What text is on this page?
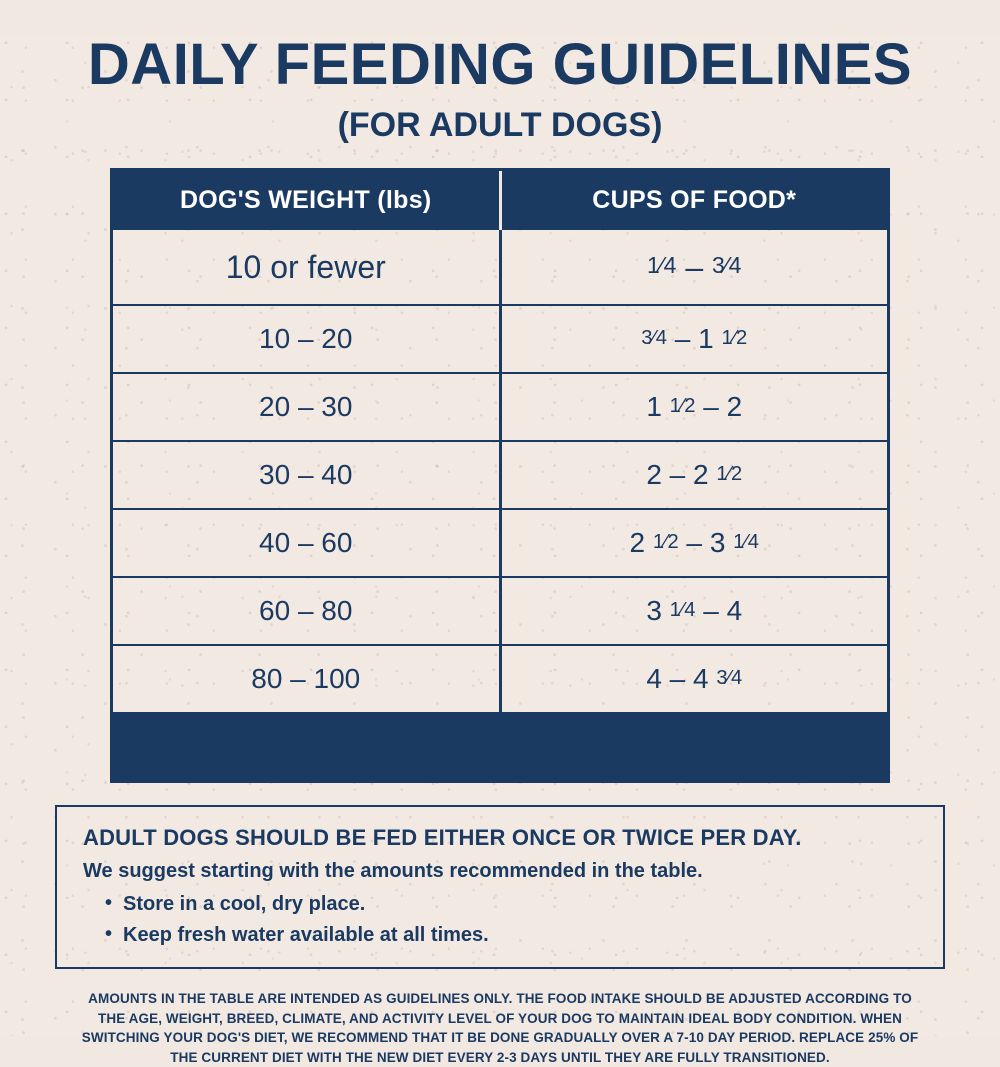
DAILY FEEDING GUIDELINES
(FOR ADULT DOGS)
DOG'S WEIGHT (lbs)	CUPS OF FOOD*
10 or fewer	1⁄4 – 3⁄4
10 – 20	3⁄4 – 1 1⁄2
20 – 30	1 1⁄2 – 2
30 – 40	2 – 2 1⁄2
40 – 60	2 1⁄2 – 3 1⁄4
60 – 80	3 1⁄4 – 4
80 – 100	4 – 4 3⁄4
*BASED ON STANDARD 8 OZ MEASURING CUP.	
ADULT DOGS SHOULD BE FED EITHER ONCE OR TWICE PER DAY.
We suggest starting with the amounts recommended in the table.
• Store in a cool, dry place.
• Keep fresh water available at all times.
AMOUNTS IN THE TABLE ARE INTENDED AS GUIDELINES ONLY. THE FOOD INTAKE SHOULD BE ADJUSTED ACCORDING TO THE AGE, WEIGHT, BREED, CLIMATE, AND ACTIVITY LEVEL OF YOUR DOG TO MAINTAIN IDEAL BODY CONDITION. WHEN SWITCHING YOUR DOG'S DIET, WE RECOMMEND THAT IT BE DONE GRADUALLY OVER A 7-10 DAY PERIOD. REPLACE 25% OF THE CURRENT DIET WITH THE NEW DIET EVERY 2-3 DAYS UNTIL THEY ARE FULLY TRANSITIONED.
